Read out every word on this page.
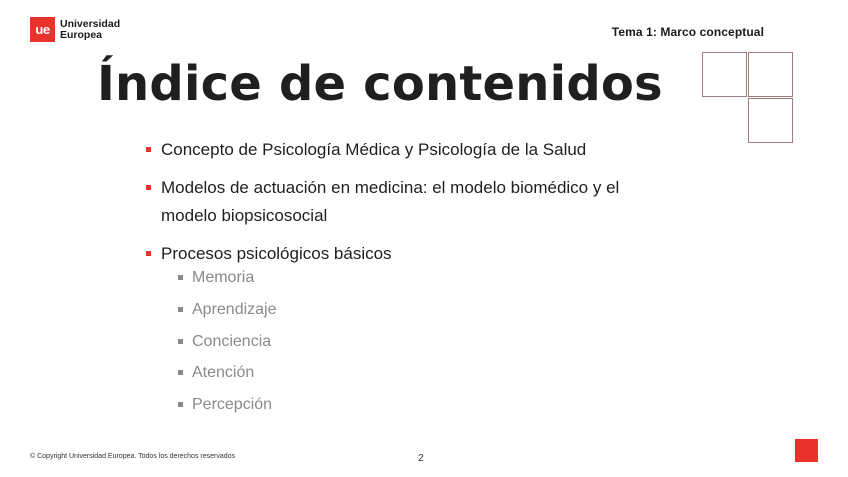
ue Universidad
Europea	Tema 1: Marco conceptual
Índice de contenidos
Concepto de Psicología Médica y Psicología de la Salud
Modelos de actuación en medicina: el modelo biomédico y el modelo biopsicosocial
Procesos psicológicos básicos
Memoria
Aprendizaje
Conciencia
Atención
Percepción
© Copyright Universidad Europea. Todos los derechos reservados	2
